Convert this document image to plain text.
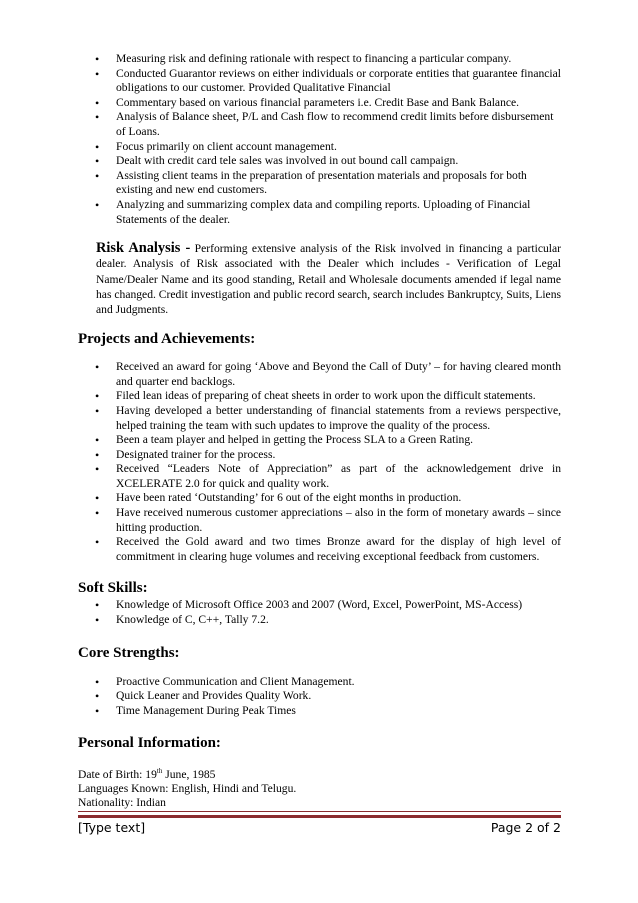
• Measuring risk and defining rationale with respect to financing a particular company.
• Conducted Guarantor reviews on either individuals or corporate entities that guarantee financial obligations to our customer. Provided Qualitative Financial
• Commentary based on various financial parameters i.e. Credit Base and Bank Balance.
• Analysis of Balance sheet, P/L and Cash flow to recommend credit limits before disbursement of Loans.
• Focus primarily on client account management.
• Dealt with credit card tele sales was involved in out bound call campaign.
• Assisting client teams in the preparation of presentation materials and proposals for both existing and new end customers.
• Analyzing and summarizing complex data and compiling reports. Uploading of Financial Statements of the dealer.

Risk Analysis - Performing extensive analysis of the Risk involved in financing a particular dealer. Analysis of Risk associated with the Dealer which includes - Verification of Legal Name/Dealer Name and its good standing, Retail and Wholesale documents amended if legal name has changed. Credit investigation and public record search, search includes Bankruptcy, Suits, Liens and Judgments.

Projects and Achievements:
• Received an award for going ‘Above and Beyond the Call of Duty’ – for having cleared month and quarter end backlogs.
• Filed lean ideas of preparing of cheat sheets in order to work upon the difficult statements.
• Having developed a better understanding of financial statements from a reviews perspective, helped training the team with such updates to improve the quality of the process.
• Been a team player and helped in getting the Process SLA to a Green Rating.
• Designated trainer for the process.
• Received “Leaders Note of Appreciation” as part of the acknowledgement drive in XCELERATE 2.0 for quick and quality work.
• Have been rated ‘Outstanding’ for 6 out of the eight months in production.
• Have received numerous customer appreciations – also in the form of monetary awards – since hitting production.
• Received the Gold award and two times Bronze award for the display of high level of commitment in clearing huge volumes and receiving exceptional feedback from customers.
Soft Skills:
• Knowledge of Microsoft Office 2003 and 2007 (Word, Excel, PowerPoint, MS-Access)
• Knowledge of C, C++, Tally 7.2.
Core Strengths:
• Proactive Communication and Client Management.
• Quick Leaner and Provides Quality Work.
• Time Management During Peak Times
Personal Information:
Date of Birth: 19th June, 1985
Languages Known: English, Hindi and Telugu.
Nationality: Indian
[Type text]	Page 2 of 2
